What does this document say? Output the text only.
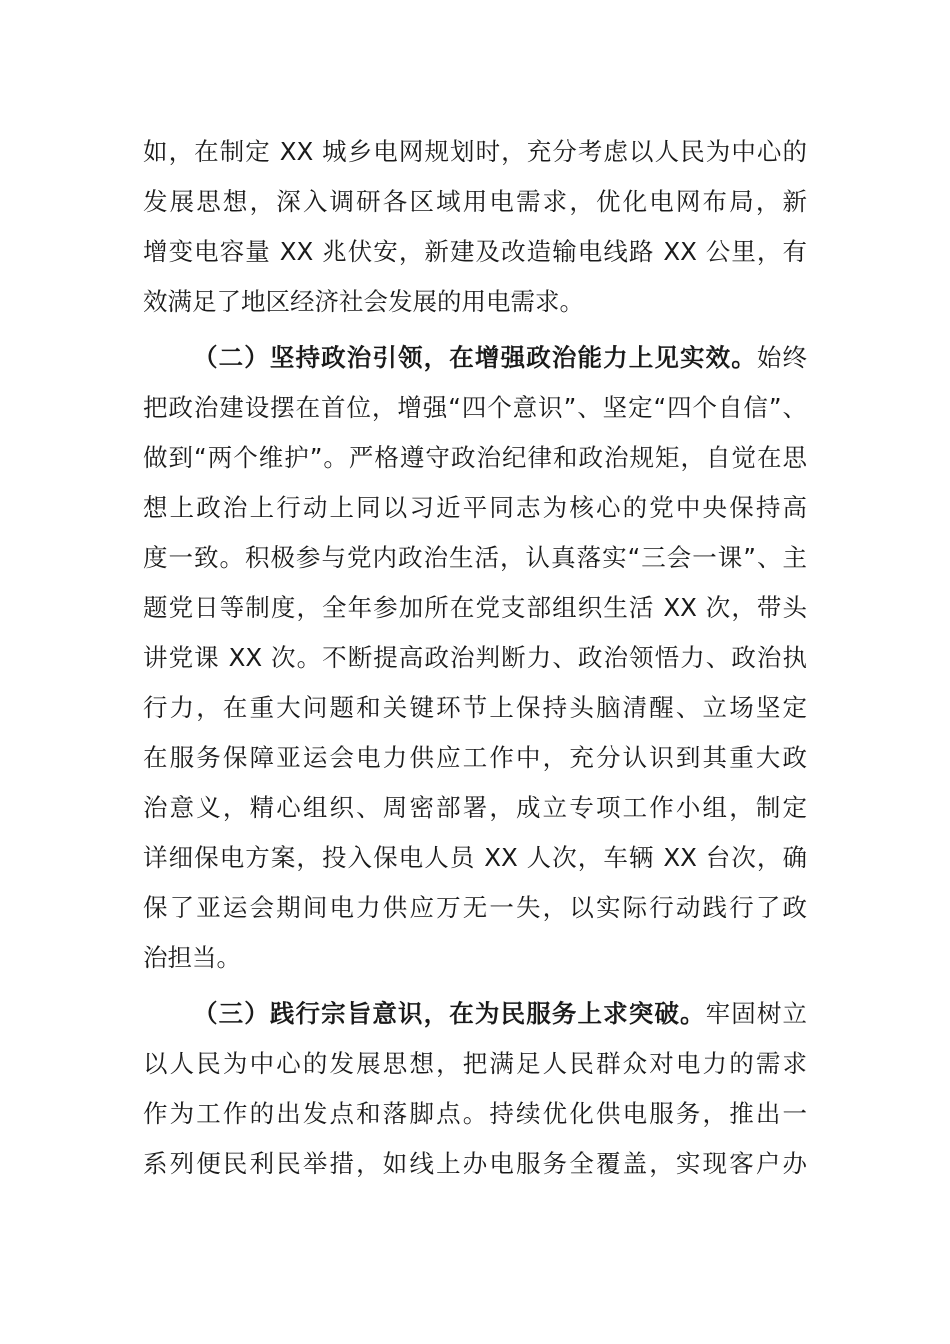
如，在制定 XX 城乡电网规划时，充分考虑以人民为中心的
发展思想，深入调研各区域用电需求，优化电网布局，新
增变电容量 XX 兆伏安，新建及改造输电线路 XX 公里，有
效满足了地区经济社会发展的用电需求。
（二）坚持政治引领，在增强政治能力上见实效。始终
把政治建设摆在首位，增强“四个意识”、坚定“四个自信”、
做到“两个维护”。严格遵守政治纪律和政治规矩，自觉在思
想上政治上行动上同以习近平同志为核心的党中央保持高
度一致。积极参与党内政治生活，认真落实“三会一课”、主
题党日等制度，全年参加所在党支部组织生活 XX 次，带头
讲党课 XX 次。不断提高政治判断力、政治领悟力、政治执
行力，在重大问题和关键环节上保持头脑清醒、立场坚定
在服务保障亚运会电力供应工作中，充分认识到其重大政
治意义，精心组织、周密部署，成立专项工作小组，制定
详细保电方案，投入保电人员 XX 人次，车辆 XX 台次，确
保了亚运会期间电力供应万无一失，以实际行动践行了政
治担当。
（三）践行宗旨意识，在为民服务上求突破。牢固树立
以人民为中心的发展思想，把满足人民群众对电力的需求
作为工作的出发点和落脚点。持续优化供电服务，推出一
系列便民利民举措，如线上办电服务全覆盖，实现客户办
